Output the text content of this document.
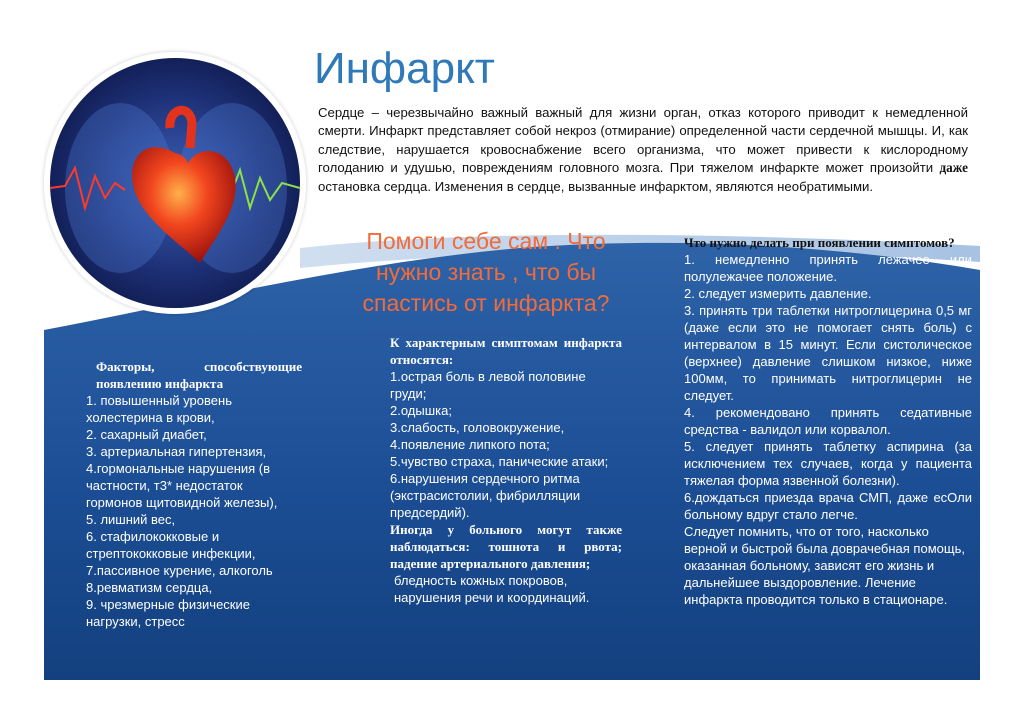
Инфаркт

Сердце – черезвычайно важный важный для жизни орган, отказ которого приводит к немедленной смерти. Инфаркт представляет собой некроз (отмирание) определенной части сердечной мышцы. И, как следствие, нарушается кровоснабжение всего организма, что может привести к кислородному голоданию и удушью, повреждениям головного мозга. При тяжелом инфаркте может произойти даже остановка сердца. Изменения в сердце, вызванные инфарктом, являются необратимыми.

Помоги себе сам . Что нужно знать , что бы спастись от инфаркта?
Факторы, способствующие появлению инфаркта
1. повышенный уровень холестерина в крови,
2. сахарный диабет,
3. артериальная гипертензия,
4.гормональные нарушения (в частности, т3* недостаток гормонов щитовидной железы),
5. лишний вес,
6. стафилококковые и стрептококковые инфекции,
7.пассивное курение, алкоголь
8.ревматизм сердца,
9. чрезмерные физические нагрузки, стресс
К характерным симптомам инфаркта относятся:
1.острая боль в левой половине груди;
2.одышка;
3.слабость, головокружение,
4.появление липкого пота;
5.чувство страха, панические атаки;
6.нарушения сердечного ритма (экстрасистолии, фибрилляции предсердий).
Иногда у больного могут также наблюдаться: тошнота и рвота; падение артериального давления;
бледность кожных покровов, нарушения речи и координаций.
Что нужно делать при появлении симптомов?
1. немедленно принять лежачее или полулежачее положение.
2. следует измерить давление.
3. принять три таблетки нитроглицерина 0,5 мг (даже если это не помогает снять боль) с интервалом в 15 минут. Если систолическое (верхнее) давление слишком низкое, ниже 100мм, то принимать нитроглицерин не следует.
4. рекомендовано принять седативные средства - валидол или корвалол.
5. следует принять таблетку аспирина (за исключением тех случаев, когда у пациента тяжелая форма язвенной болезни).
6.дождаться приезда врача СМП, даже есОли больному вдруг стало легче.
Следует помнить, что от того, насколько верной и быстрой была доврачебная помощь, оказанная больному, зависят его жизнь и дальнейшее выздоровление. Лечение инфаркта проводится только в стационаре.
